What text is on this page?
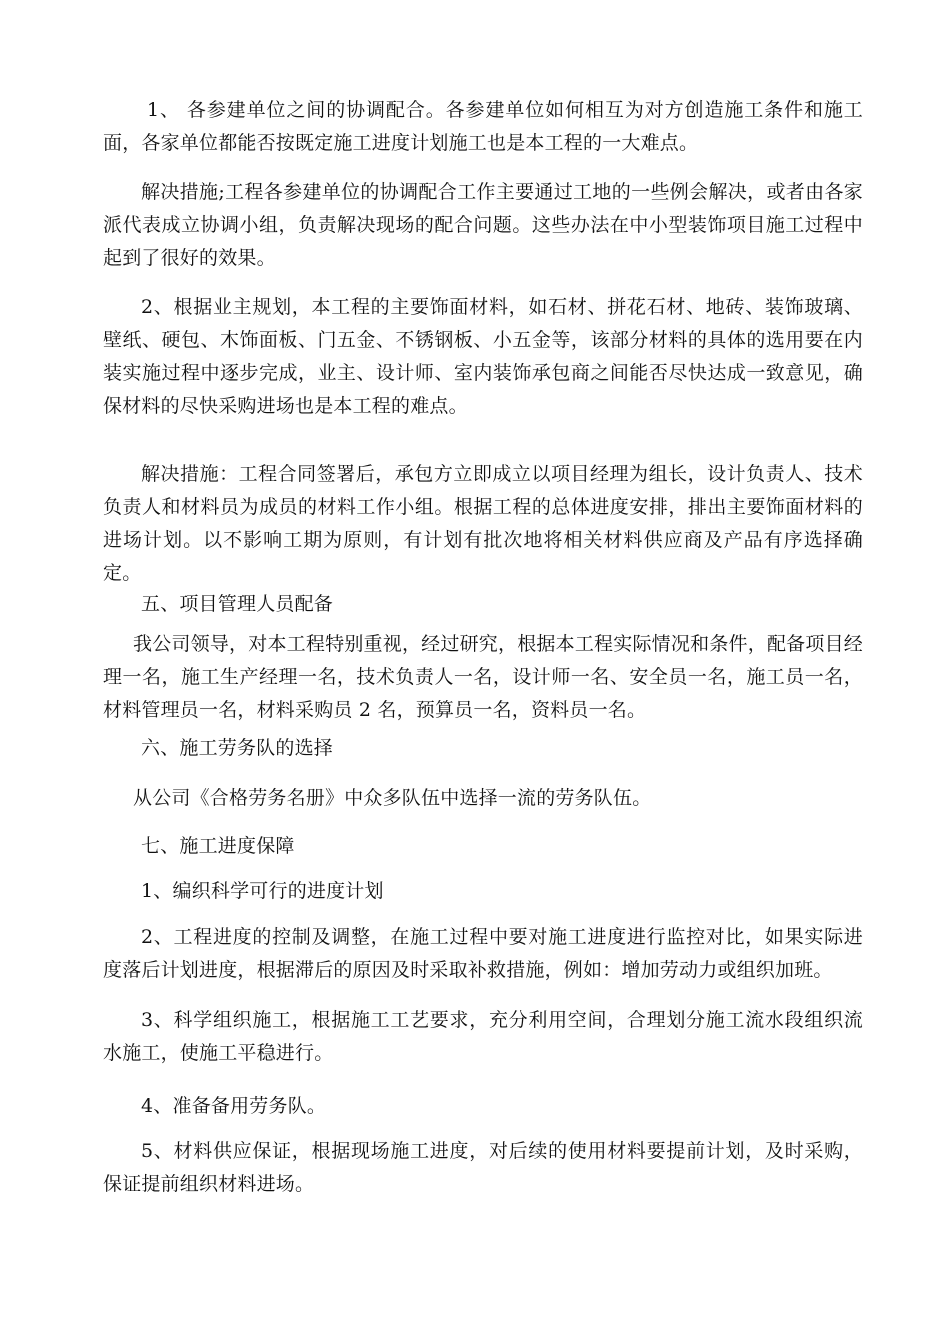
1、 各参建单位之间的协调配合。各参建单位如何相互为对方创造施工条件和施工面，各家单位都能否按既定施工进度计划施工也是本工程的一大难点。

解决措施;工程各参建单位的协调配合工作主要通过工地的一些例会解决，或者由各家派代表成立协调小组，负责解决现场的配合问题。这些办法在中小型装饰项目施工过程中起到了很好的效果。

2、根据业主规划，本工程的主要饰面材料，如石材、拼花石材、地砖、装饰玻璃、壁纸、硬包、木饰面板、门五金、不锈钢板、小五金等，该部分材料的具体的选用要在内装实施过程中逐步完成，业主、设计师、室内装饰承包商之间能否尽快达成一致意见，确保材料的尽快采购进场也是本工程的难点。

解决措施：工程合同签署后，承包方立即成立以项目经理为组长，设计负责人、技术负责人和材料员为成员的材料工作小组。根据工程的总体进度安排，排出主要饰面材料的进场计划。以不影响工期为原则，有计划有批次地将相关材料供应商及产品有序选择确定。

五、项目管理人员配备

我公司领导，对本工程特别重视，经过研究，根据本工程实际情况和条件，配备项目经理一名，施工生产经理一名，技术负责人一名，设计师一名、安全员一名，施工员一名，材料管理员一名，材料采购员 2 名，预算员一名，资料员一名。

六、施工劳务队的选择

从公司《合格劳务名册》中众多队伍中选择一流的劳务队伍。

七、施工进度保障

1、编织科学可行的进度计划

2、工程进度的控制及调整，在施工过程中要对施工进度进行监控对比，如果实际进度落后计划进度，根据滞后的原因及时采取补救措施，例如：增加劳动力或组织加班。

3、科学组织施工，根据施工工艺要求，充分利用空间，合理划分施工流水段组织流水施工，使施工平稳进行。

4、准备备用劳务队。

5、材料供应保证，根据现场施工进度，对后续的使用材料要提前计划，及时采购，保证提前组织材料进场。
